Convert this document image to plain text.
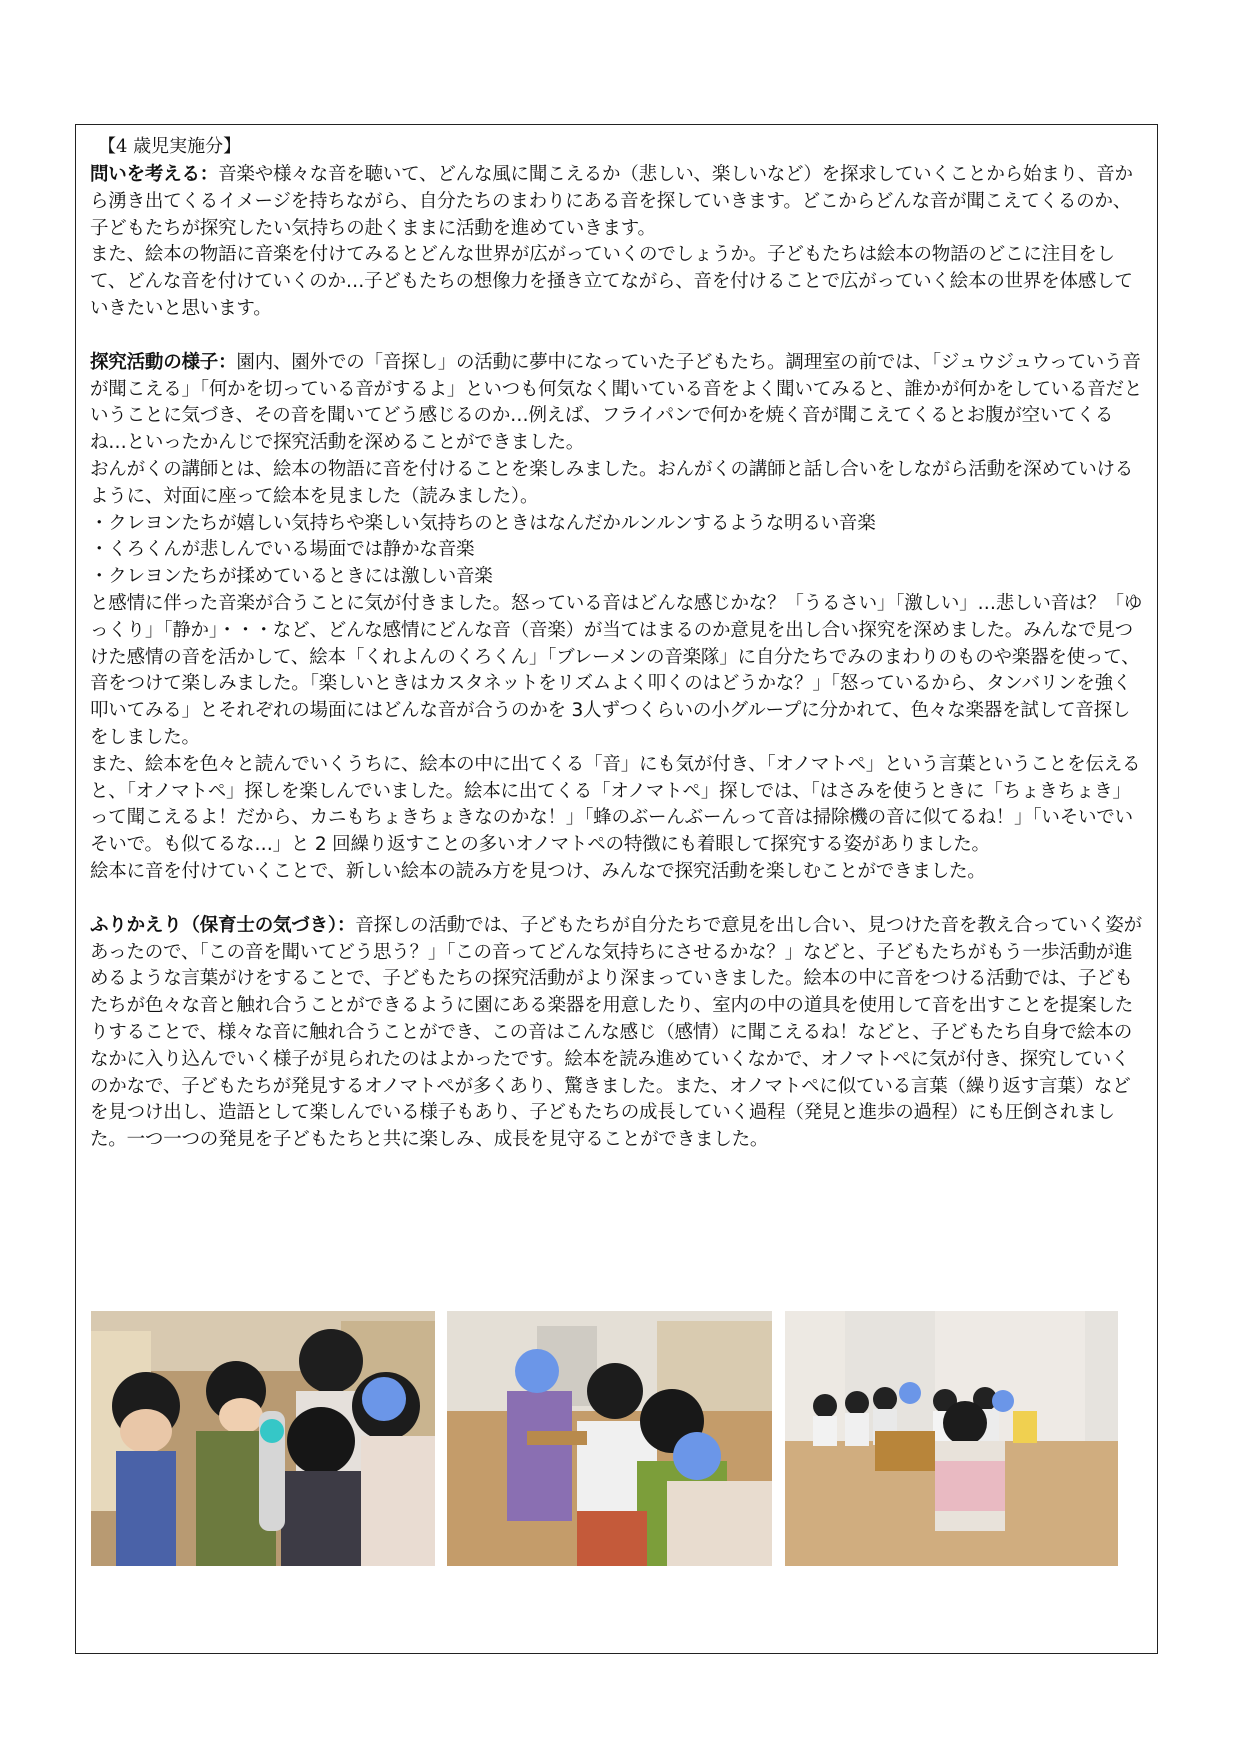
【4 歳児実施分】

問いを考える：音楽や様々な音を聴いて、どんな風に聞こえるか（悲しい、楽しいなど）を探求していくことから始まり、音から湧き出てくるイメージを持ちながら、自分たちのまわりにある音を探していきます。どこからどんな音が聞こえてくるのか、子どもたちが探究したい気持ちの赴くままに活動を進めていきます。

また、絵本の物語に音楽を付けてみるとどんな世界が広がっていくのでしょうか。子どもたちは絵本の物語のどこに注目をして、どんな音を付けていくのか…子どもたちの想像力を掻き立てながら、音を付けることで広がっていく絵本の世界を体感していきたいと思います。

探究活動の様子：園内、園外での「音探し」の活動に夢中になっていた子どもたち。調理室の前では、「ジュウジュウっていう音が聞こえる」「何かを切っている音がするよ」といつも何気なく聞いている音をよく聞いてみると、誰かが何かをしている音だということに気づき、その音を聞いてどう感じるのか…例えば、フライパンで何かを焼く音が聞こえてくるとお腹が空いてくるね…といったかんじで探究活動を深めることができました。

おんがくの講師とは、絵本の物語に音を付けることを楽しみました。おんがくの講師と話し合いをしながら活動を深めていけるように、対面に座って絵本を見ました（読みました）。

・クレヨンたちが嬉しい気持ちや楽しい気持ちのときはなんだかルンルンするような明るい音楽

・くろくんが悲しんでいる場面では静かな音楽

・クレヨンたちが揉めているときには激しい音楽

と感情に伴った音楽が合うことに気が付きました。怒っている音はどんな感じかな？「うるさい」「激しい」…悲しい音は？「ゆっくり」「静か」・・・など、どんな感情にどんな音（音楽）が当てはまるのか意見を出し合い探究を深めました。みんなで見つけた感情の音を活かして、絵本「くれよんのくろくん」「ブレーメンの音楽隊」に自分たちでみのまわりのものや楽器を使って、音をつけて楽しみました。「楽しいときはカスタネットをリズムよく叩くのはどうかな？」「怒っているから、タンバリンを強く叩いてみる」とそれぞれの場面にはどんな音が合うのかを 3人ずつくらいの小グループに分かれて、色々な楽器を試して音探しをしました。

また、絵本を色々と読んでいくうちに、絵本の中に出てくる「音」にも気が付き、「オノマトペ」という言葉ということを伝えると、「オノマトペ」探しを楽しんでいました。絵本に出てくる「オノマトペ」探しでは、「はさみを使うときに「ちょきちょき」って聞こえるよ！だから、カニもちょきちょきなのかな！」「蜂のぶーんぶーんって音は掃除機の音に似てるね！」「いそいでいそいで。も似てるな…」と 2 回繰り返すことの多いオノマトペの特徴にも着眼して探究する姿がありました。

絵本に音を付けていくことで、新しい絵本の読み方を見つけ、みんなで探究活動を楽しむことができました。

ふりかえり（保育士の気づき）：音探しの活動では、子どもたちが自分たちで意見を出し合い、見つけた音を教え合っていく姿があったので、「この音を聞いてどう思う？」「この音ってどんな気持ちにさせるかな？」などと、子どもたちがもう一歩活動が進めるような言葉がけをすることで、子どもたちの探究活動がより深まっていきました。絵本の中に音をつける活動では、子どもたちが色々な音と触れ合うことができるように園にある楽器を用意したり、室内の中の道具を使用して音を出すことを提案したりすることで、様々な音に触れ合うことができ、この音はこんな感じ（感情）に聞こえるね！などと、子どもたち自身で絵本のなかに入り込んでいく様子が見られたのはよかったです。絵本を読み進めていくなかで、オノマトペに気が付き、探究していくのかなで、子どもたちが発見するオノマトペが多くあり、驚きました。また、オノマトペに似ている言葉（繰り返す言葉）などを見つけ出し、造語として楽しんでいる様子もあり、子どもたちの成長していく過程（発見と進歩の過程）にも圧倒されました。一つ一つの発見を子どもたちと共に楽しみ、成長を見守ることができました。
